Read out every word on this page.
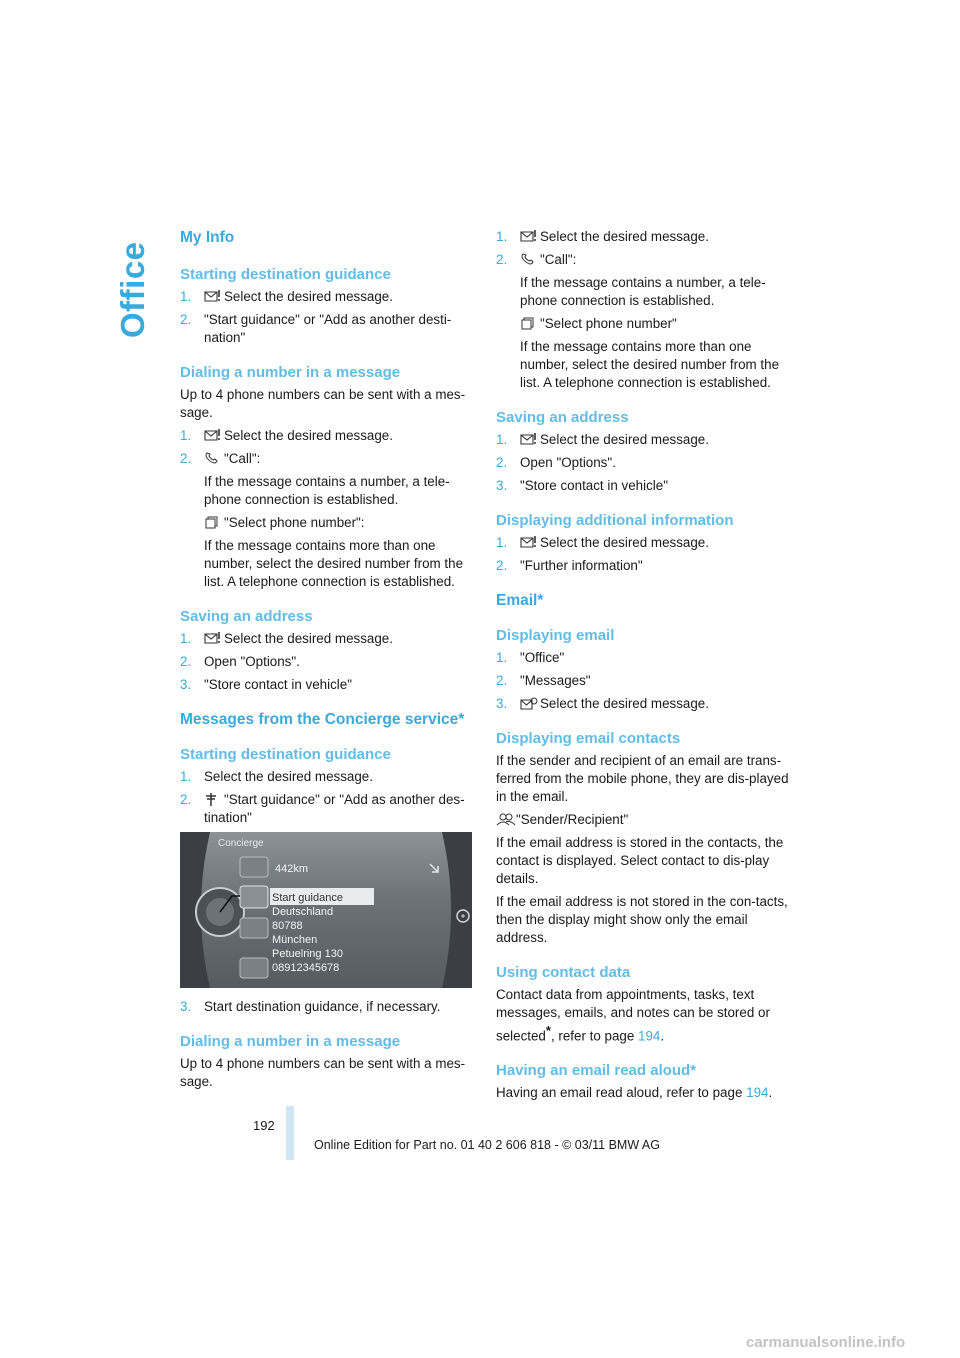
Office
My Info
Starting destination guidance
1. Select the desired message.
2. "Start guidance" or "Add as another desti-nation"
Dialing a number in a message

Up to 4 phone numbers can be sent with a mes-sage.

1. Select the desired message.
2. "Call":

If the message contains a number, a tele-phone connection is established.

"Select phone number":

If the message contains more than one number, select the desired number from the list. A telephone connection is established.

Saving an address
1. Select the desired message.
2. Open "Options".
3. "Store contact in vehicle"
Messages from the Concierge service*
Starting destination guidance
1. Select the desired message.
2. "Start guidance" or "Add as another des-tination"
Concierge
442km
Start guidance
Deutschland
80788
München
Petuelring 130
08912345678
3. Start destination guidance, if necessary.
Dialing a number in a message

Up to 4 phone numbers can be sent with a mes-sage.

1. Select the desired message.
2. "Call":

If the message contains a number, a tele-phone connection is established.

"Select phone number"

If the message contains more than one number, select the desired number from the list. A telephone connection is established.

Saving an address
1. Select the desired message.
2. Open "Options".
3. "Store contact in vehicle"
Displaying additional information
1. Select the desired message.
2. "Further information"
Email*
Displaying email
1. "Office"
2. "Messages"
3. Select the desired message.
Displaying email contacts

If the sender and recipient of an email are trans-ferred from the mobile phone, they are dis-played in the email.

"Sender/Recipient"

If the email address is stored in the contacts, the contact is displayed. Select contact to dis-play details.

If the email address is not stored in the con-tacts, then the display might show only the email address.

Using contact data

Contact data from appointments, tasks, text messages, emails, and notes can be stored or selected*, refer to page 194.

Having an email read aloud*

Having an email read aloud, refer to page 194.

192
Online Edition for Part no. 01 40 2 606 818 - © 03/11 BMW AG
carmanualsonline.info
